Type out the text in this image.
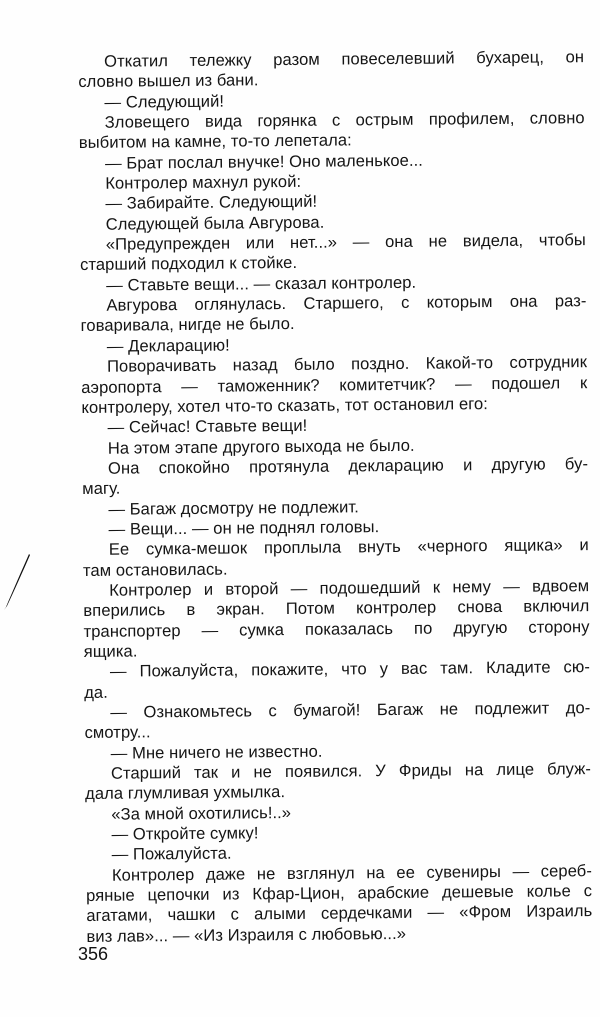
Откатил тележку разом повеселевший бухарец, он
словно вышел из бани.
— Следующий!
Зловещего вида горянка с острым профилем, словно
выбитом на камне, то-то лепетала:
— Брат послал внучке! Оно маленькое...
Контролер махнул рукой:
— Забирайте. Следующий!
Следующей была Авгурова.
«Предупрежден или нет...» — она не видела, чтобы
старший подходил к стойке.
— Ставьте вещи... — сказал контролер.
Авгурова оглянулась. Старшего, с которым она раз-
говаривала, нигде не было.
— Декларацию!
Поворачивать назад было поздно. Какой-то сотрудник
аэропорта — таможенник? комитетчик? — подошел к
контролеру, хотел что-то сказать, тот остановил его:
— Сейчас! Ставьте вещи!
На этом этапе другого выхода не было.
Она спокойно протянула декларацию и другую бу-
магу.
— Багаж досмотру не подлежит.
— Вещи... — он не поднял головы.
Ее сумка-мешок проплыла внуть «черного ящика» и
там остановилась.
Контролер и второй — подошедший к нему — вдвоем
вперились в экран. Потом контролер снова включил
транспортер — сумка показалась по другую сторону
ящика.
— Пожалуйста, покажите, что у вас там. Кладите сю-
да.
— Ознакомьтесь с бумагой! Багаж не подлежит до-
смотру...
— Мне ничего не известно.
Старший так и не появился. У Фриды на лице блуж-
дала глумливая ухмылка.
«За мной охотились!..»
— Откройте сумку!
— Пожалуйста.
Контролер даже не взглянул на ее сувениры — сереб-
ряные цепочки из Кфар-Цион, арабские дешевые колье с
агатами, чашки с алыми сердечками — «Фром Израиль
виз лав»... — «Из Израиля с любовью...»
356
